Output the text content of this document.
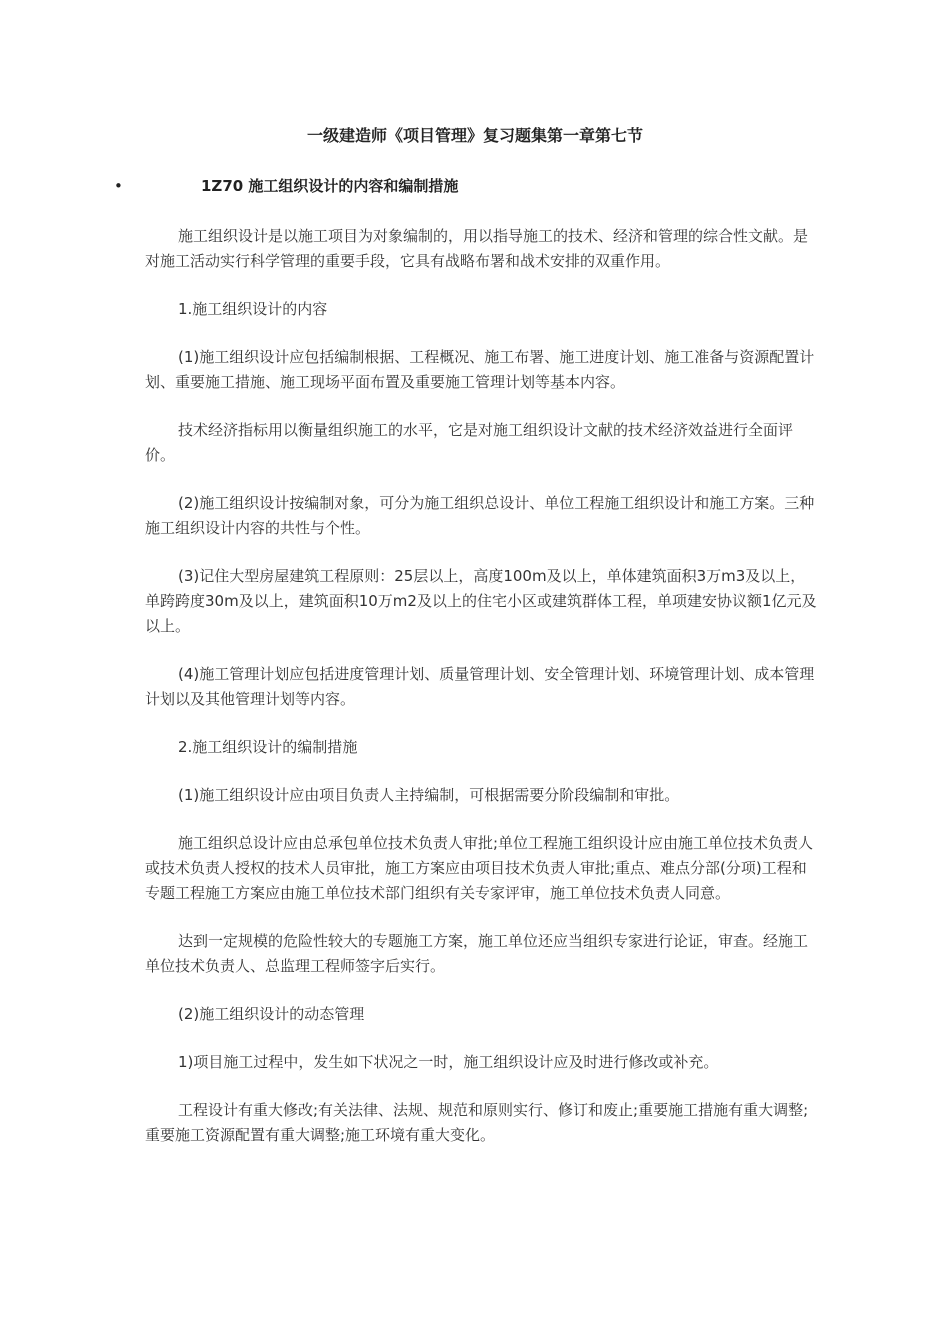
一级建造师《项目管理》复习题集第一章第七节
•	1Z70 施工组织设计的内容和编制措施

施工组织设计是以施工项目为对象编制的，用以指导施工的技术、经济和管理的综合性文献。是对施工活动实行科学管理的重要手段，它具有战略布署和战术安排的双重作用。

1.施工组织设计的内容

(1)施工组织设计应包括编制根据、工程概况、施工布署、施工进度计划、施工准备与资源配置计划、重要施工措施、施工现场平面布置及重要施工管理计划等基本内容。

技术经济指标用以衡量组织施工的水平，它是对施工组织设计文献的技术经济效益进行全面评价。

(2)施工组织设计按编制对象，可分为施工组织总设计、单位工程施工组织设计和施工方案。三种施工组织设计内容的共性与个性。

(3)记住大型房屋建筑工程原则：25层以上，高度100m及以上，单体建筑面积3万m3及以上，单跨跨度30m及以上，建筑面积10万m2及以上的住宅小区或建筑群体工程，单项建安协议额1亿元及以上。

(4)施工管理计划应包括进度管理计划、质量管理计划、安全管理计划、环境管理计划、成本管理计划以及其他管理计划等内容。

2.施工组织设计的编制措施

(1)施工组织设计应由项目负责人主持编制，可根据需要分阶段编制和审批。

施工组织总设计应由总承包单位技术负责人审批;单位工程施工组织设计应由施工单位技术负责人或技术负责人授权的技术人员审批，施工方案应由项目技术负责人审批;重点、难点分部(分项)工程和专题工程施工方案应由施工单位技术部门组织有关专家评审，施工单位技术负责人同意。

达到一定规模的危险性较大的专题施工方案，施工单位还应当组织专家进行论证，审查。经施工单位技术负责人、总监理工程师签字后实行。

(2)施工组织设计的动态管理

1)项目施工过程中，发生如下状况之一时，施工组织设计应及时进行修改或补充。

工程设计有重大修改;有关法律、法规、规范和原则实行、修订和废止;重要施工措施有重大调整;重要施工资源配置有重大调整;施工环境有重大变化。
